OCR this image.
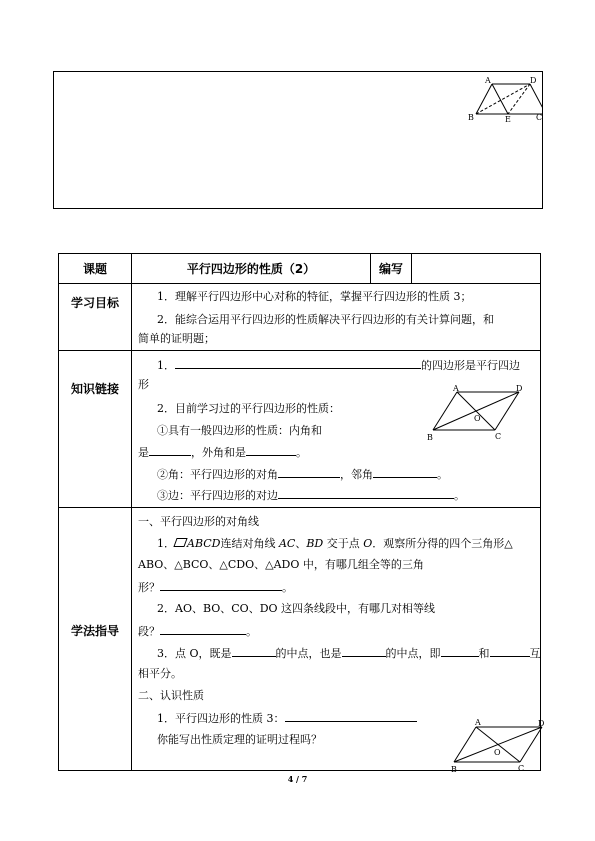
A	D
B	E	C
课题	平行四边形的性质（2）	编写
学习目标	1．理解平行四边形中心对称的特征，掌握平行四边形的性质 3；
2．能综合运用平行四边形的性质解决平行四边形的有关计算问题，和
简单的证明题；
知识链接
1．	的四边形是平行四边
形
2．目前学习过的平行四边形的性质：
①具有一般四边形的性质：内角和
是	，外角和是	。
②角：平行四边形的对角	，邻角	。
③边：平行四边形的对边	。
A	D
O
B	C
学法指导
一、平行四边形的对角线
1． ABCD连结对角线 AC、BD 交于点 O．观察所分得的四个三角形△
ABO、△BCO、△CDO、△ADO 中，有哪几组全等的三角
形？	。
2．AO、BO、CO、DO 这四条线段中，有哪几对相等线
段？	。
3．点 O，既是	的中点，也是	的中点，即	和	互
相平分。
二、认识性质
1．平行四边形的性质 3：
你能写出性质定理的证明过程吗？
A	D
O
B	C
4 / 7
